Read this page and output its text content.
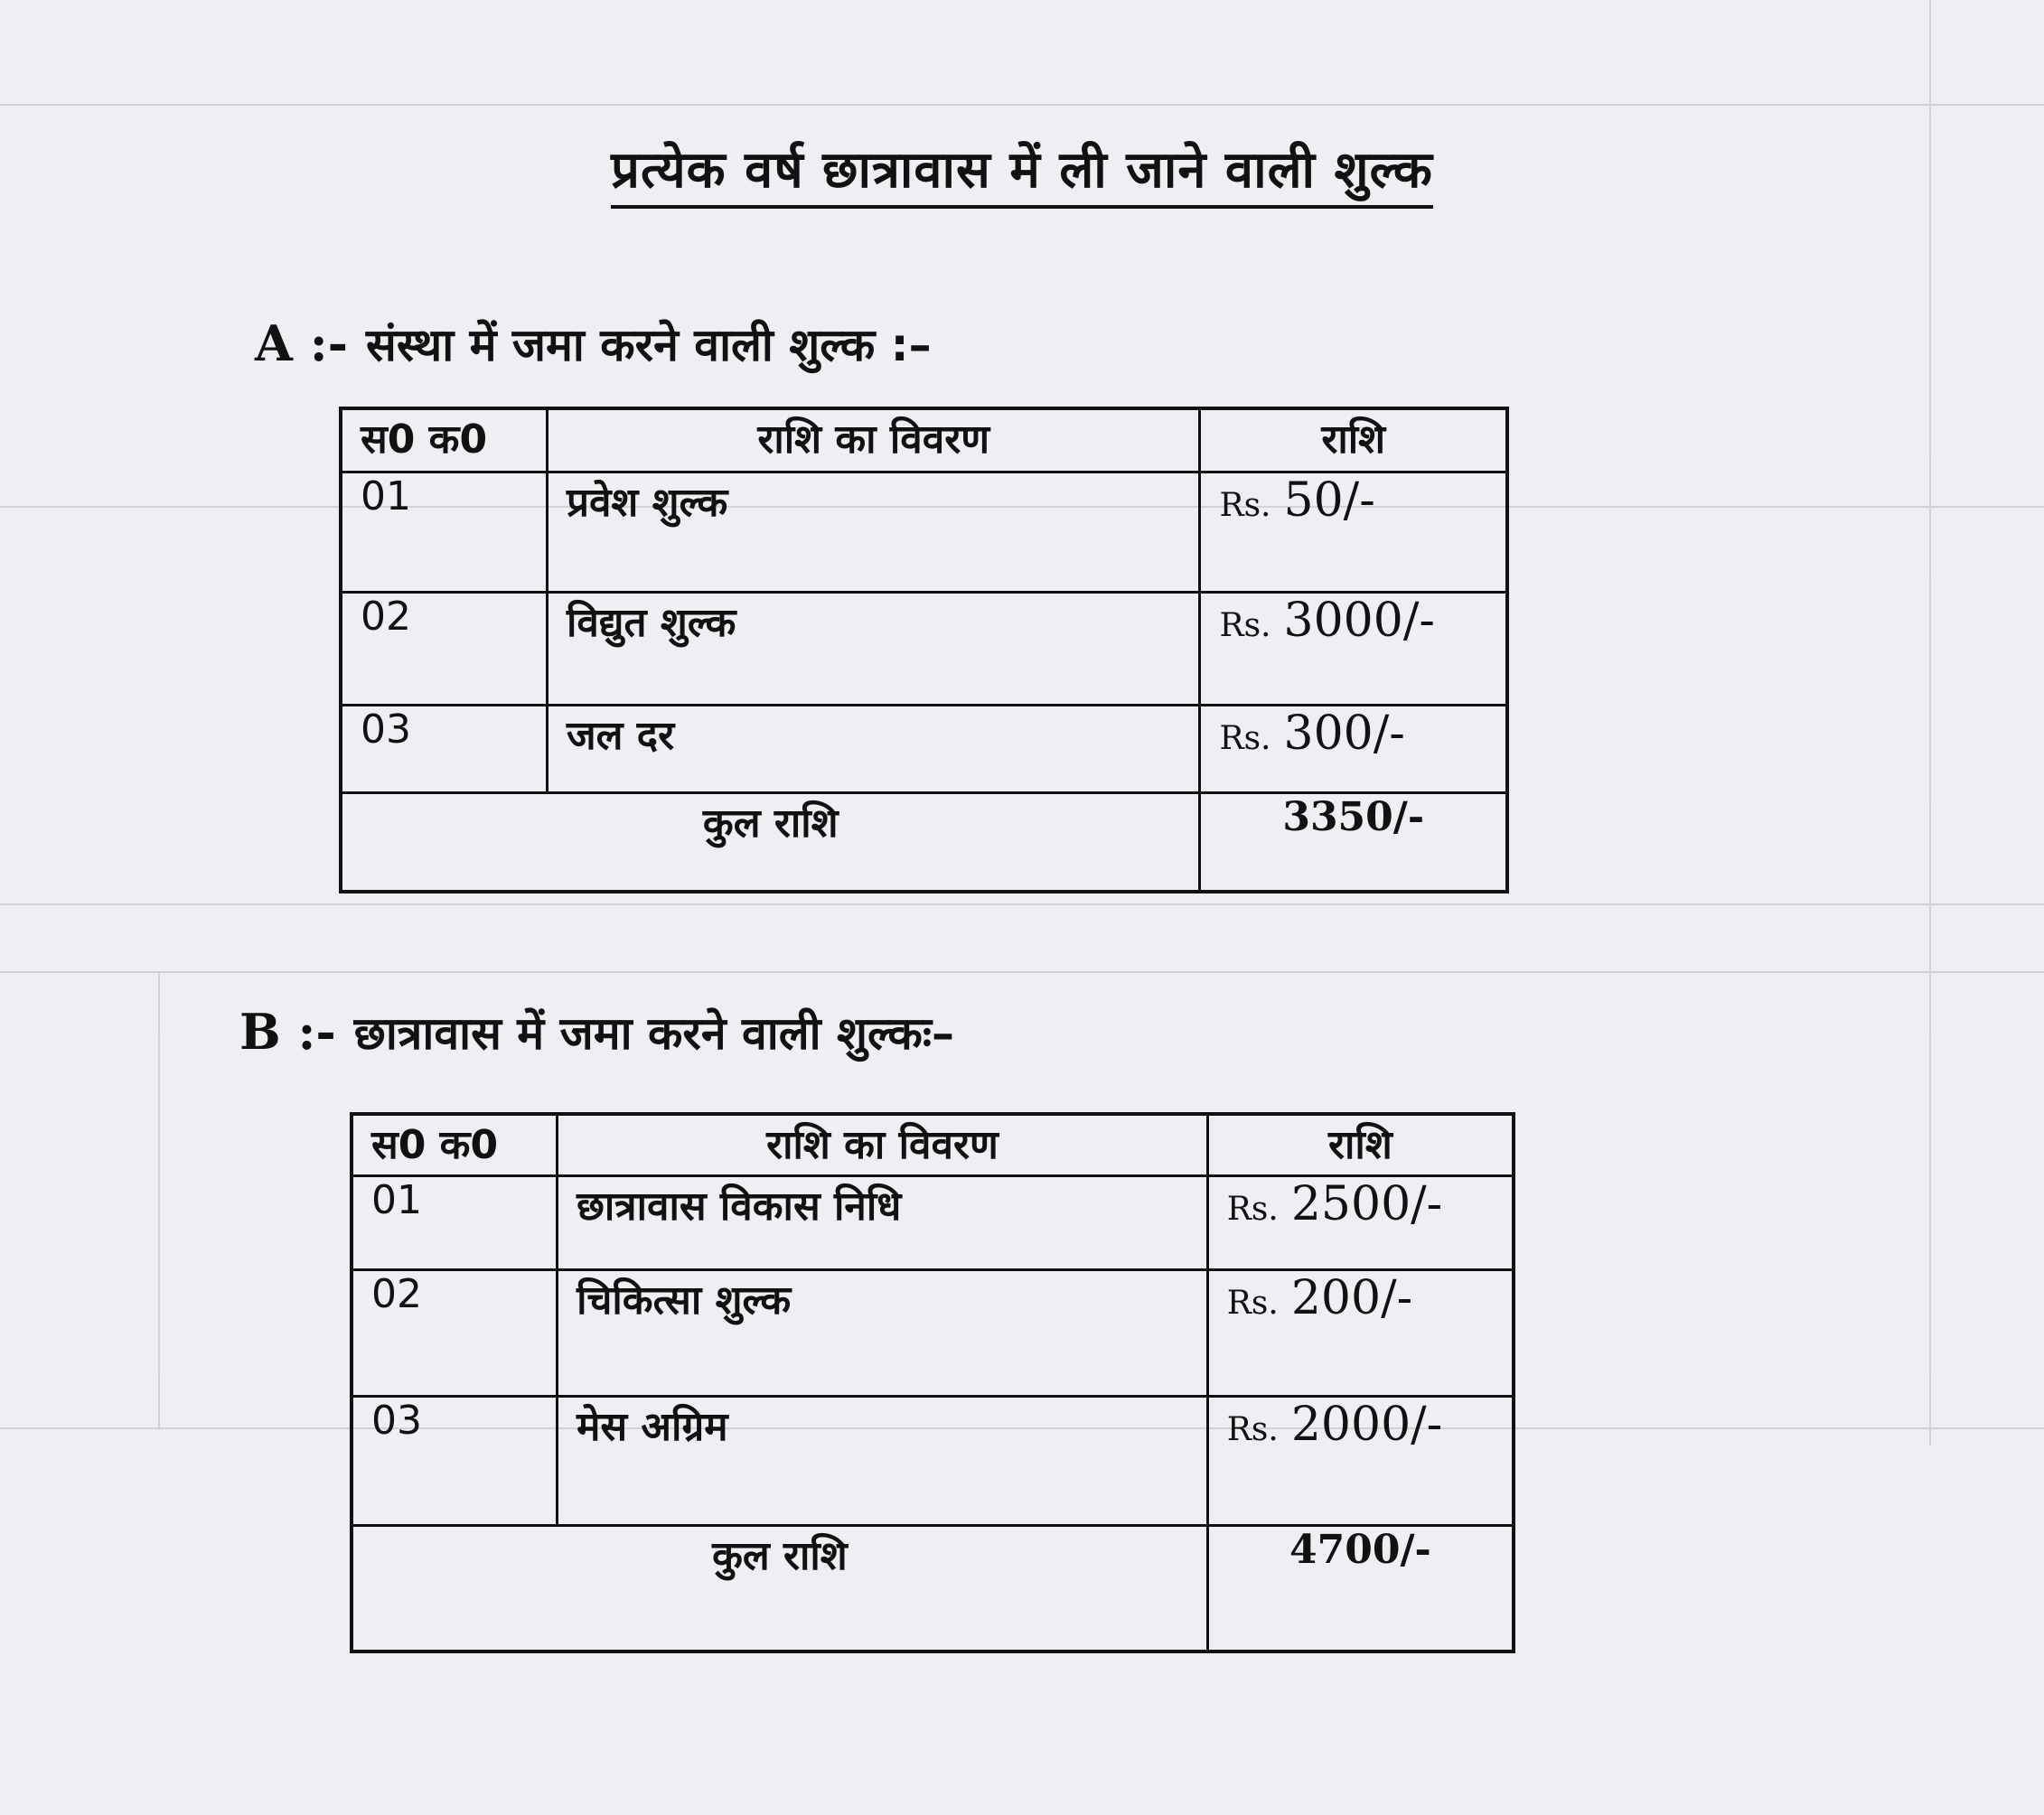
प्रत्येक वर्ष छात्रावास में ली जाने वाली शुल्क
A :- संस्था में जमा करने वाली शुल्क :–
स0 क0	राशि का विवरण	राशि
01	प्रवेश शुल्क	Rs. 50/-
02	विद्युत शुल्क	Rs. 3000/-
03	जल दर	Rs. 300/-
कुल राशि		3350/-
B :- छात्रावास में जमा करने वाली शुल्कः–
स0 क0	राशि का विवरण	राशि
01	छात्रावास विकास निधि	Rs. 2500/-
02	चिकित्सा शुल्क	Rs. 200/-
03	मेस अग्रिम	Rs. 2000/-
कुल राशि		4700/-
